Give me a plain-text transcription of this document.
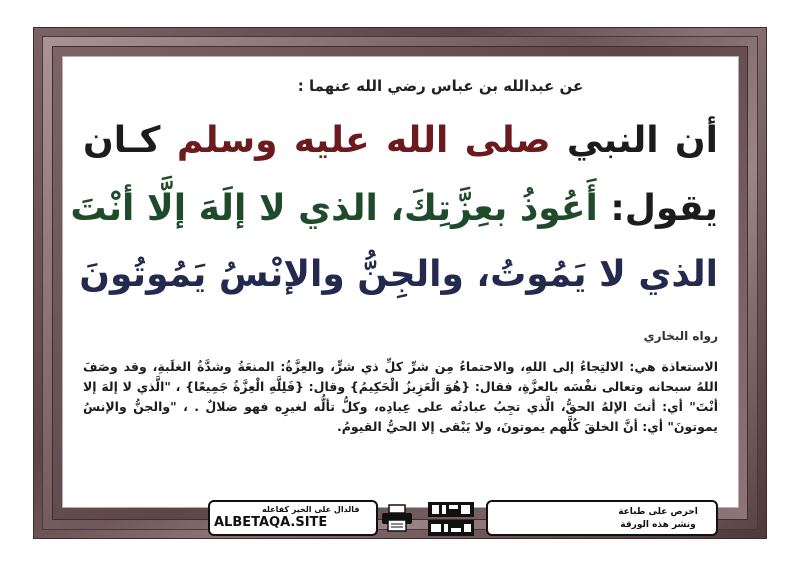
عن عبدالله بن عباس رضي الله عنهما :
أن النبي صلى الله عليه وسلم كـان
يقول: أَعُوذُ بعِزَّتِكَ، الذي لا إلَهَ إلَّا أنْتَ
الذي لا يَمُوتُ، والجِنُّ والإنْسُ يَمُوتُونَ
رواه البخاري
الاستعاذة هي: الالتِجاءُ إلى اللهِ، والاحتماءُ مِن شرِّ كلِّ ذي شرٍّ، والعِزَّةُ: المنعَةُ وشدَّةُ الغلَبةِ، وقد وصَفَ اللهُ سبحانه وتعالى نفْسَه بالعزَّةِ، فقال: {هُوَ الْعَزِيزُ الْحَكِيمُ} وقال: {فَلِلَّهِ الْعِزَّةُ جَمِيعًا} ، "الَّذي لا إلهَ إلا أنْتَ" أي: أنتَ الإلهُ الحقُّ، الَّذي تجِبُ عبادتُه على عِبادِه، وكلُّ تألُّه لغيرِه فهو ضلالٌ . ، "والجنُّ والإنسُ يموتونَ" أي: أنَّ الخلقَ كُلَّهم يموتونَ، ولا يَبْقى إلا الحيُّ القيومُ.
فالدال على الخير كفاعله
ALBETAQA.SITE
احرص على طباعة ونشر هذه الورقة
